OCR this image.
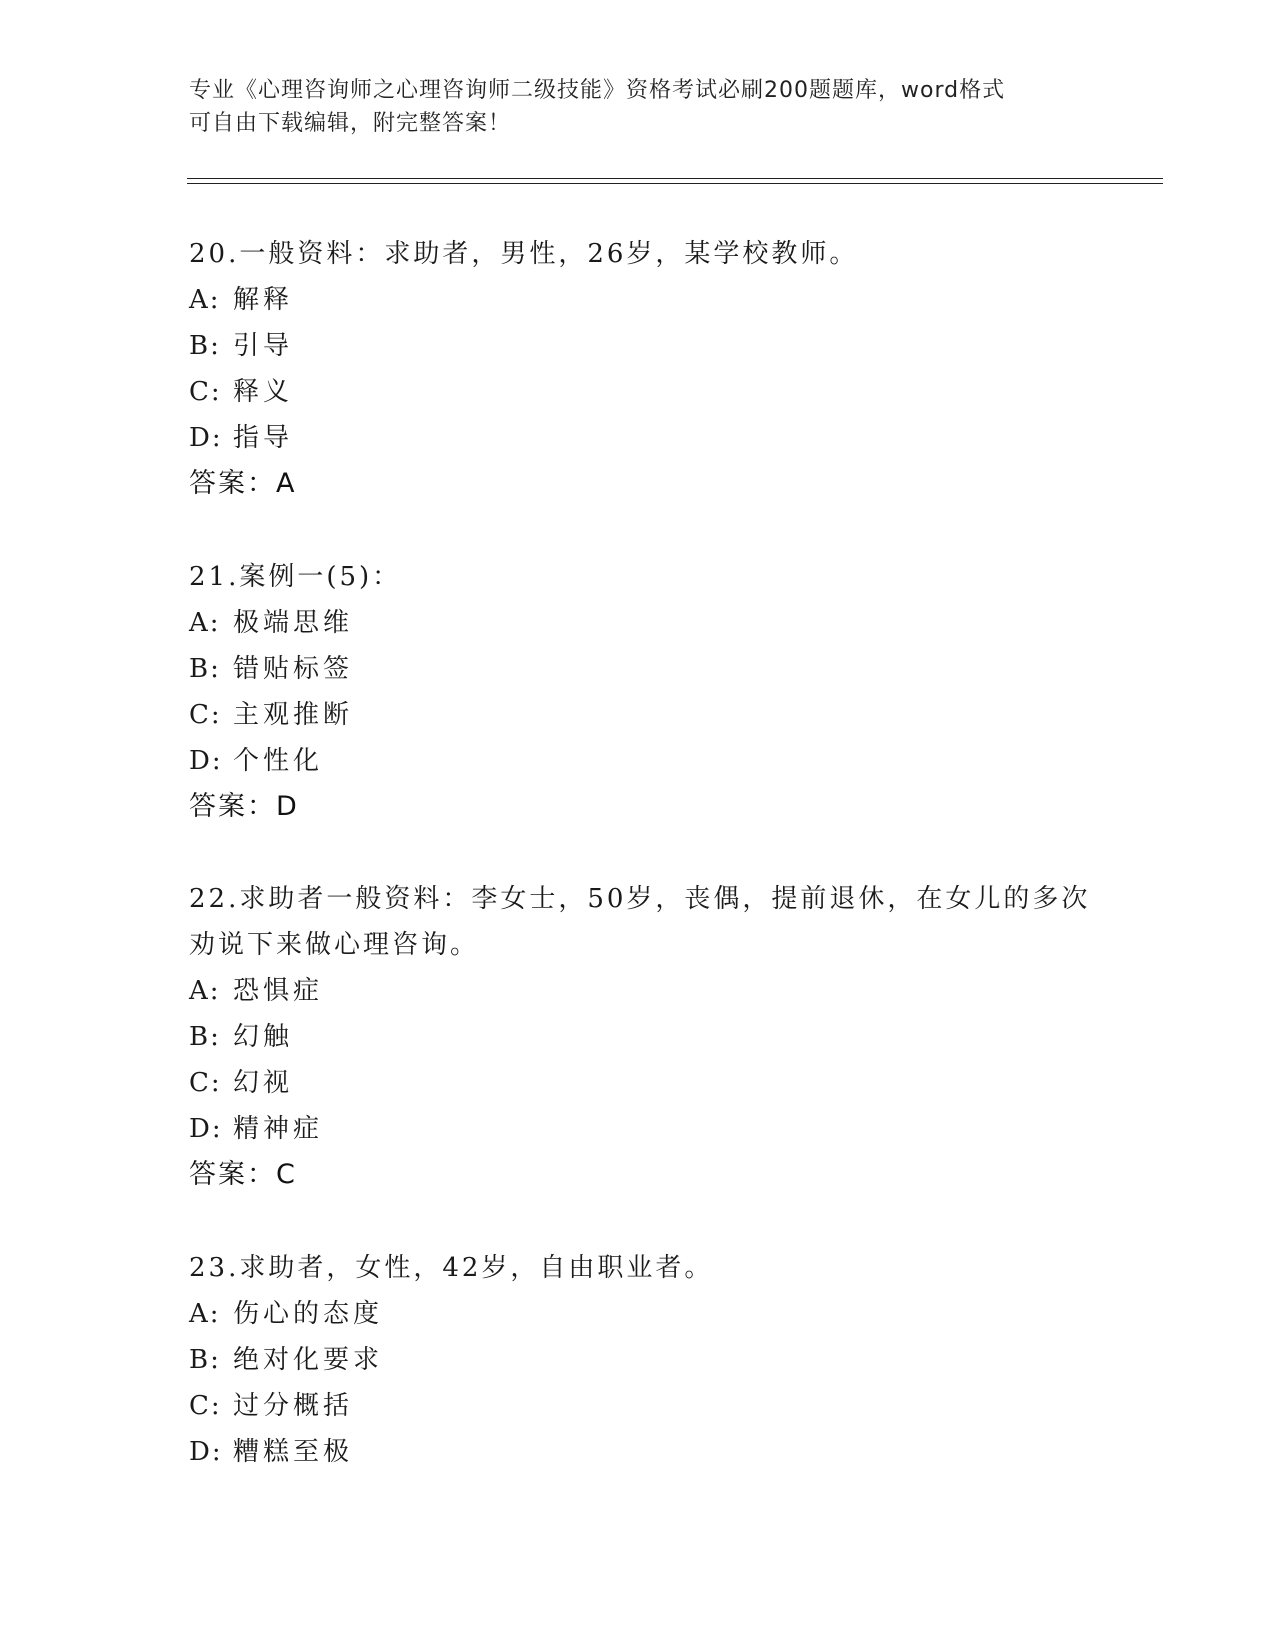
专业《心理咨询师之心理咨询师二级技能》资格考试必刷200题题库，word格式
可自由下载编辑，附完整答案！
20.一般资料：求助者，男性，26岁，某学校教师。
A: 解释
B: 引导
C: 释义
D: 指导
答案：A
21.案例一(5)：
A: 极端思维
B: 错贴标签
C: 主观推断
D: 个性化
答案：D
22.求助者一般资料：李女士，50岁，丧偶，提前退休，在女儿的多次
劝说下来做心理咨询。
A: 恐惧症
B: 幻触
C: 幻视
D: 精神症
答案：C
23.求助者，女性，42岁，自由职业者。
A: 伤心的态度
B: 绝对化要求
C: 过分概括
D: 糟糕至极
